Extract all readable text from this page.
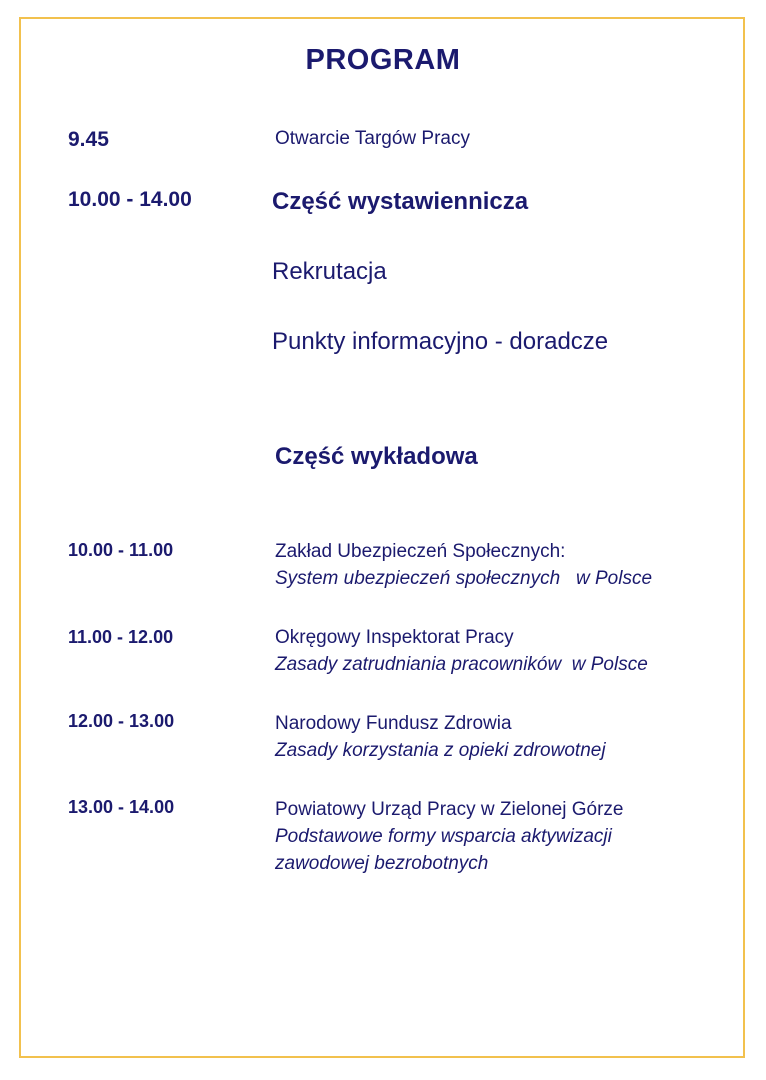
PROGRAM
9.45	Otwarcie Targów Pracy
10.00 - 14.00	Część wystawiennicza
Rekrutacja
Punkty informacyjno - doradcze
Część wykładowa
10.00 - 11.00	Zakład Ubezpieczeń Społecznych:
System ubezpieczeń społecznych   w Polsce
11.00 - 12.00	Okręgowy Inspektorat Pracy
Zasady zatrudniania pracowników  w Polsce
12.00 - 13.00	Narodowy Fundusz Zdrowia
Zasady korzystania z opieki zdrowotnej
13.00 - 14.00	Powiatowy Urząd Pracy w Zielonej Górze
Podstawowe formy wsparcia aktywizacji
zawodowej bezrobotnych
